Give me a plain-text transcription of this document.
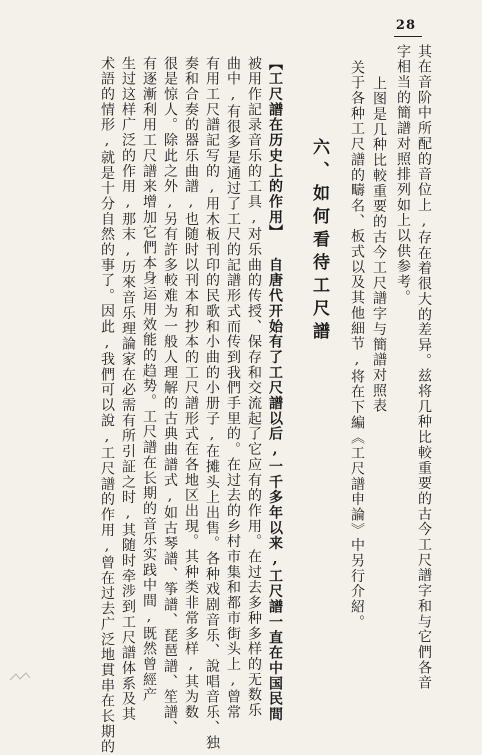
28

其在音阶中所配的音位上,存在着很大的差异。兹将几种比較重要的古今工尺譜字和与它們各音

字相当的簡譜对照排列如上以供参考。

上图是几种比較重要的古今工尺譜字与簡譜对照表

关于各种工尺譜的疇名、板式以及其他細节,将在下編《工尺譜申論》中另行介紹。

六、如何看待工尺譜

【工尺譜在历史上的作用】 自唐代开始有了工尺譜以后,一千多年以来,工尺譜一直在中国民間

被用作記录音乐的工具,对乐曲的传授、保存和交流起了它应有的作用。在过去多种多样的无数乐

曲中,有很多是通过了工尺的記譜形式而传到我們手里的。在过去的乡村市集和都市街头上,曾常

有用工尺譜記写的,用木板刊印的民歌和小曲的小册子,在摊头上出售。各种戏剧音乐、說唱音乐、独

奏和合奏的器乐曲譜,也随时以刊本和抄本的工尺譜形式在各地区出現。其种类非常多样,其为数

很是惊人。除此之外,另有許多較难为一般人理解的古典曲譜式,如古琴譜、筝譜、琵琶譜、笙譜、

有逐漸利用工尺譜来增加它們本身运用效能的趋势。工尺譜在长期的音乐实践中間,既然曾經产

生过这样广泛的作用,那末,历來音乐理論家在必需有所引証之时,其随时牵涉到工尺譜体系及其

术語的情形,就是十分自然的事了。因此,我們可以說,工尺譜的作用,曾在过去广泛地貫串在长期的
